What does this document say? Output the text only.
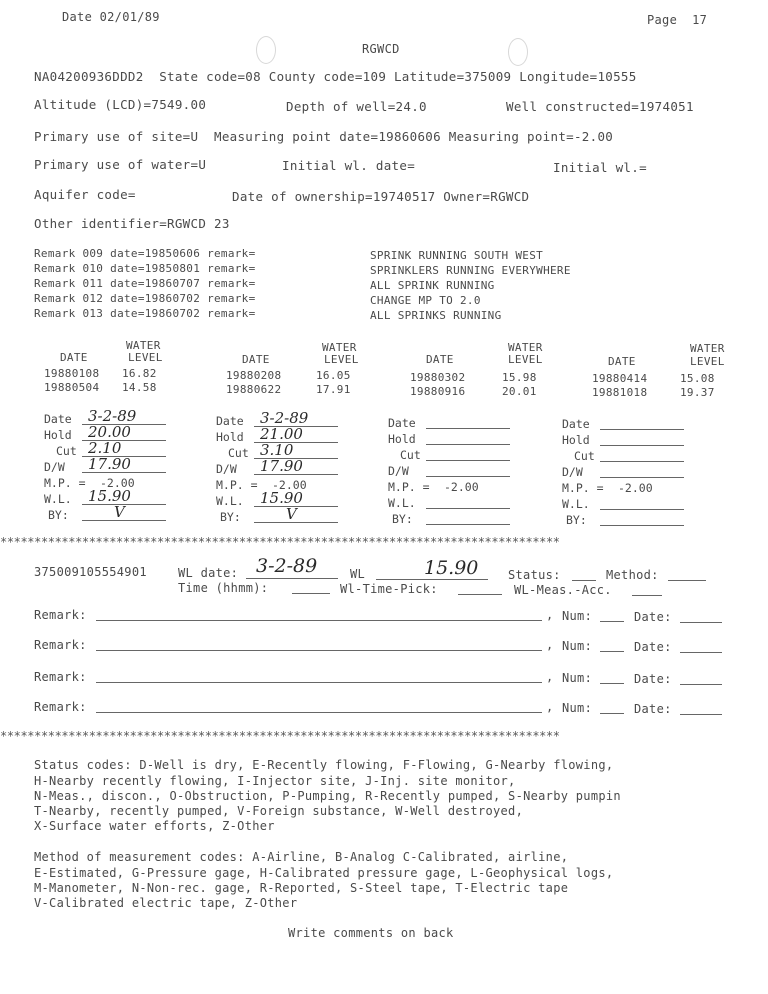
Date 02/01/89	Page  17
RGWCD
NA04200936DDD2  State code=08 County code=109 Latitude=375009 Longitude=10555
Altitude (LCD)=7549.00	Depth of well=24.0	Well constructed=1974051
Primary use of site=U  Measuring point date=19860606 Measuring point=-2.00
Primary use of water=U	Initial wl. date=	Initial wl.=
Aquifer code=	Date of ownership=19740517 Owner=RGWCD
Other identifier=RGWCD 23
Remark 009 date=19850606 remark=	SPRINK RUNNING SOUTH WEST
Remark 010 date=19850801 remark=	SPRINKLERS RUNNING EVERYWHERE
Remark 011 date=19860707 remark=	ALL SPRINK RUNNING
Remark 012 date=19860702 remark=	CHANGE MP TO 2.0
Remark 013 date=19860702 remark=	ALL SPRINKS RUNNING
WATER
DATE	LEVEL
19880108 16.82
19880504 14.58
WATER
DATE	LEVEL
19880208	16.05
19880622	17.91
WATER
DATE	LEVEL
19880302	15.98
19880916	20.01
WATER
DATE	LEVEL
19880414	15.08
19881018	19.37
Date 3-2-89
Hold 20.00
Cut 2.10
D/W 17.90
M.P. = -2.00
W.L. 15.90
BY:	V
Date 3-2-89
Hold 21.00
Cut 3.10
D/W 17.90
M.P. = -2.00
W.L. 15.90
BY:	V
Date
Hold
Cut
D/W
M.P. = -2.00
W.L.
BY:
Date
Hold
Cut
D/W
M.P. = -2.00
W.L.
BY:
**********************************************************************************
375009105554901	WL date: 3-2-89	WL	15.90 Status:	Method:
Time (hhmm):	Wl-Time-Pick:	WL-Meas.-Acc.
Remark:	, Num:	Date:
Remark:	, Num:	Date:
Remark:	, Num:	Date:
Remark:	, Num:	Date:
**********************************************************************************
Status codes: D-Well is dry, E-Recently flowing, F-Flowing, G-Nearby flowing,
H-Nearby recently flowing, I-Injector site, J-Inj. site monitor,
N-Meas., discon., O-Obstruction, P-Pumping, R-Recently pumped, S-Nearby pumpin
T-Nearby, recently pumped, V-Foreign substance, W-Well destroyed,
X-Surface water efforts, Z-Other
Method of measurement codes: A-Airline, B-Analog C-Calibrated, airline,
E-Estimated, G-Pressure gage, H-Calibrated pressure gage, L-Geophysical logs,
M-Manometer, N-Non-rec. gage, R-Reported, S-Steel tape, T-Electric tape
V-Calibrated electric tape, Z-Other
Write comments on back
